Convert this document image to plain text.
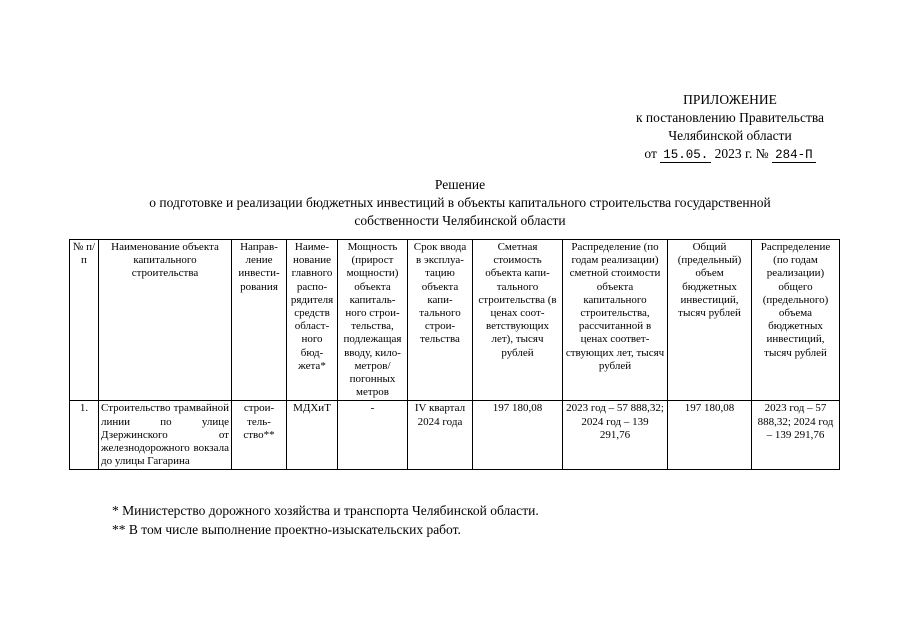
ПРИЛОЖЕНИЕ
к постановлению Правительства
Челябинской области
от 15.05. 2023 г. № 284-П
Решение
о подготовке и реализации бюджетных инвестиций в объекты капитального строительства государственной
собственности Челябинской области
№ п/п	Наименование объекта капитального строительства	Направ-ление инвести-рования	Наиме-нование главного распо-рядителя средств област-ного бюд-жета*	Мощность (прирост мощности) объекта капиталь-ного строи-тельства, подлежащая вводу, кило-метров/ погонных метров	Срок ввода в эксплуа-тацию объекта капи-тального строи-тельства	Сметная стоимость объекта капи-тального строительства (в ценах соот-ветствующих лет), тысяч рублей	Распределение (по годам реализации) сметной стоимости объекта капитального строительства, рассчитанной в ценах соответ-ствующих лет, тысяч рублей	Общий (предельный) объем бюджетных инвестиций, тысяч рублей	Распределение (по годам реализации) общего (предельного) объема бюджетных инвестиций, тысяч рублей
1.	Строительство трамвайной линии по улице Дзержинского от железнодорожного вокзала до улицы Гагарина	строи-тель-ство**	МДХиТ	-	IV квартал 2024 года	197 180,08	2023 год – 57 888,32; 2024 год – 139 291,76	197 180,08	2023 год – 57 888,32; 2024 год – 139 291,76
* Министерство дорожного хозяйства и транспорта Челябинской области.
** В том числе выполнение проектно-изыскательских работ.
